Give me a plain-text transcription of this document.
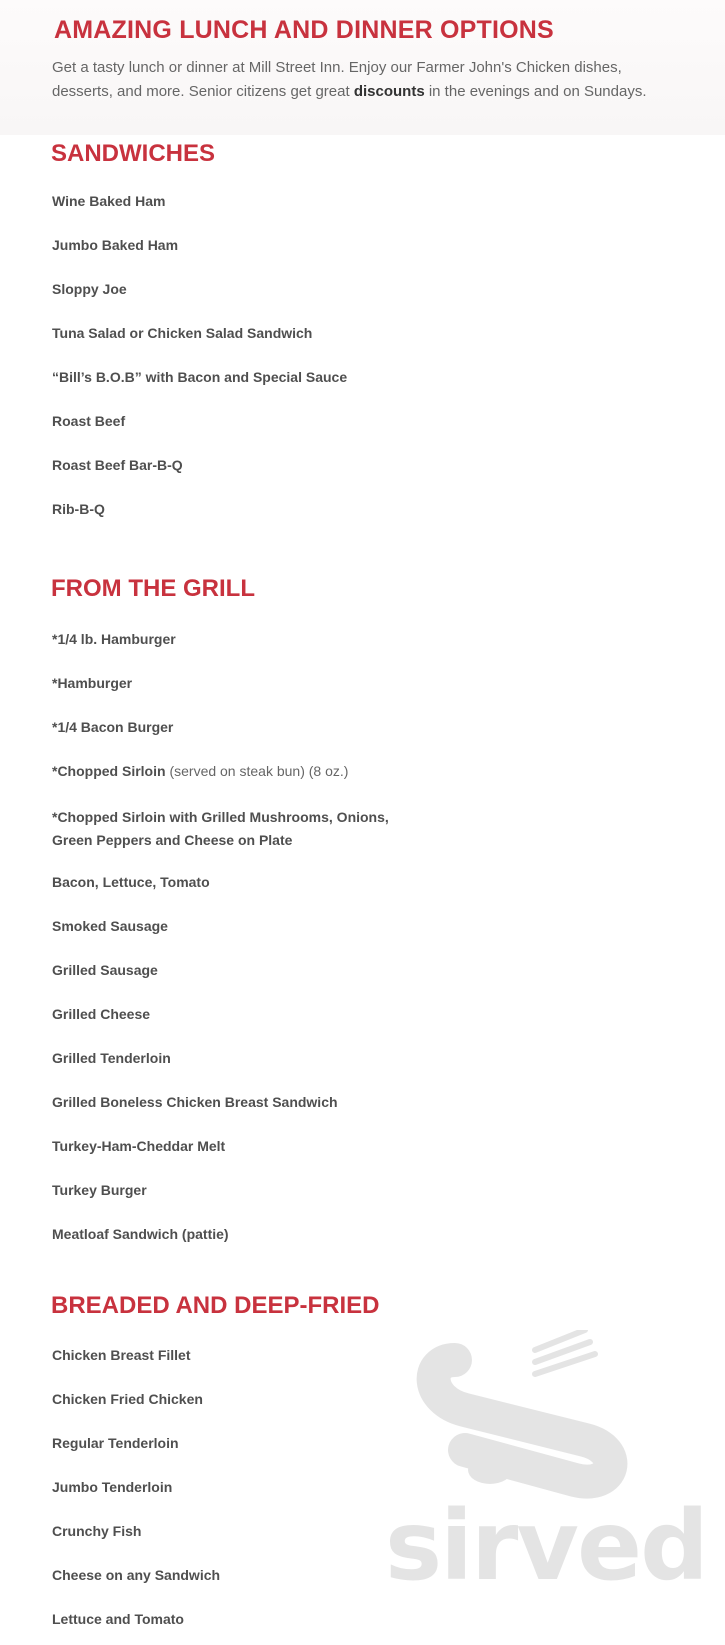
AMAZING LUNCH AND DINNER OPTIONS

Get a tasty lunch or dinner at Mill Street Inn. Enjoy our Farmer John's Chicken dishes, desserts, and more. Senior citizens get great discounts in the evenings and on Sundays.

SANDWICHES

Wine Baked Ham

Jumbo Baked Ham

Sloppy Joe

Tuna Salad or Chicken Salad Sandwich

“Bill’s B.O.B” with Bacon and Special Sauce

Roast Beef

Roast Beef Bar-B-Q

Rib-B-Q

FROM THE GRILL

*1/4 lb. Hamburger

*Hamburger

*1/4 Bacon Burger

*Chopped Sirloin (served on steak bun) (8 oz.)

*Chopped Sirloin with Grilled Mushrooms, Onions,

Green Peppers and Cheese on Plate

Bacon, Lettuce, Tomato

Smoked Sausage

Grilled Sausage

Grilled Cheese

Grilled Tenderloin

Grilled Boneless Chicken Breast Sandwich

Turkey-Ham-Cheddar Melt

Turkey Burger

Meatloaf Sandwich (pattie)

BREADED AND DEEP-FRIED

Chicken Breast Fillet

Chicken Fried Chicken

Regular Tenderloin

Jumbo Tenderloin

Crunchy Fish

Cheese on any Sandwich

Lettuce and Tomato

sirved
